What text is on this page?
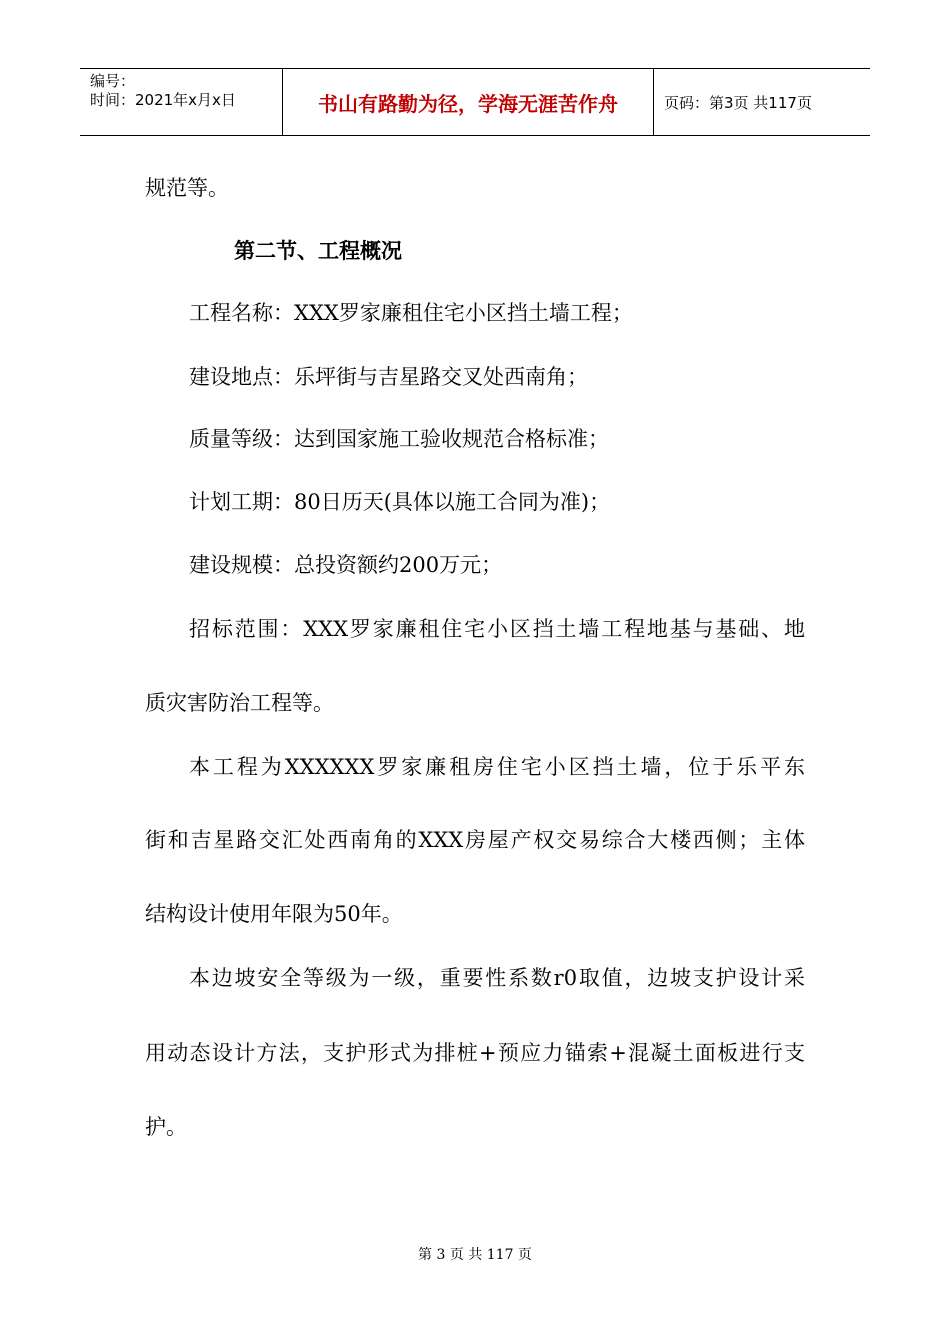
编号：
时间：2021年x月x日	书山有路勤为径，学海无涯苦作舟	页码：第3页 共117页
规范等。
第二节、工程概况
工程名称：XXX罗家廉租住宅小区挡土墙工程；
建设地点：乐坪街与吉星路交叉处西南角；
质量等级：达到国家施工验收规范合格标准；
计划工期：80日历天(具体以施工合同为准)；
建设规模：总投资额约200万元；
招标范围：XXX罗家廉租住宅小区挡土墙工程地基与基础、地
质灾害防治工程等。
本工程为XXXXXX罗家廉租房住宅小区挡土墙，位于乐平东
街和吉星路交汇处西南角的XXX房屋产权交易综合大楼西侧；主体
结构设计使用年限为50年。
本边坡安全等级为一级，重要性系数r0取值，边坡支护设计采
用动态设计方法，支护形式为排桩+预应力锚索+混凝土面板进行支
护。
第 3 页 共 117 页
